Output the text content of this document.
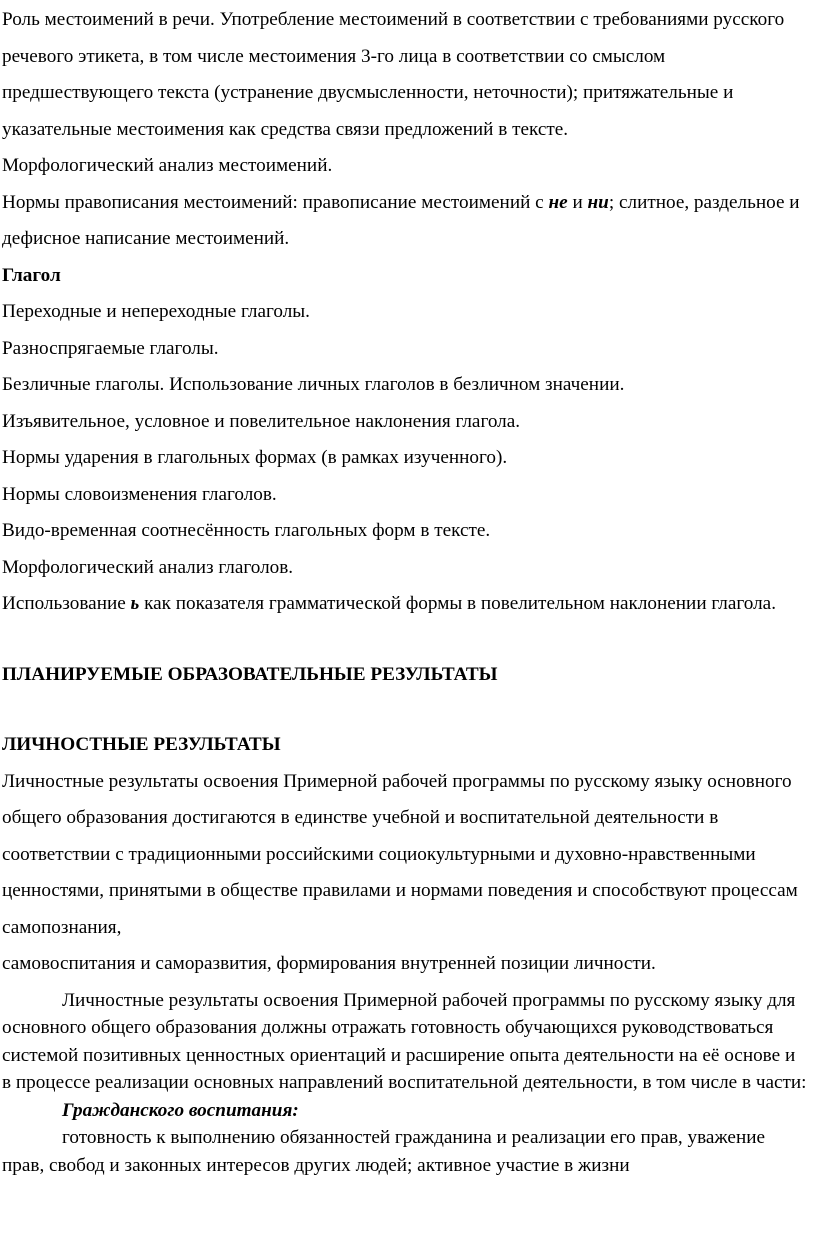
Роль местоимений в речи. Употребление местоимений в соответствии с требованиями русского речевого этикета, в том числе местоимения 3-го лица в соответствии со смыслом предшествующего текста (устранение двусмысленности, неточности); притяжательные и указательные местоимения как средства связи предложений в тексте.

Морфологический анализ местоимений.

Нормы правописания местоимений: правописание местоимений с не и ни; слитное, раздельное и дефисное написание местоимений.

Глагол

Переходные и непереходные глаголы.

Разноспрягаемые глаголы.

Безличные глаголы. Использование личных глаголов в безличном значении.

Изъявительное, условное и повелительное наклонения глагола.

Нормы ударения в глагольных формах (в рамках изученного).

Нормы словоизменения глаголов.

Видо-временная соотнесённость глагольных форм в тексте.

Морфологический анализ глаголов.

Использование ь как показателя грамматической формы в повелительном наклонении глагола.

ПЛАНИРУЕМЫЕ ОБРАЗОВАТЕЛЬНЫЕ РЕЗУЛЬТАТЫ

ЛИЧНОСТНЫЕ РЕЗУЛЬТАТЫ

Личностные результаты освоения Примерной рабочей программы по русскому языку основного общего образования достигаются в единстве учебной и воспитательной деятельности в соответствии с традиционными российскими социокультурными и духовно-нравственными ценностями, принятыми в обществе правилами и нормами поведения и способствуют процессам самопознания,

самовоспитания и саморазвития, формирования внутренней позиции личности.

Личностные результаты освоения Примерной рабочей программы по русскому языку для основного общего образования должны отражать готовность обучающихся руководствоваться системой позитивных ценностных ориентаций и расширение опыта деятельности на её основе и в процессе реализации основных направлений воспитательной деятельности, в том числе в части:

Гражданского воспитания:

готовность к выполнению обязанностей гражданина и реализации его прав, уважение прав, свобод и законных интересов других людей; активное участие в жизни
